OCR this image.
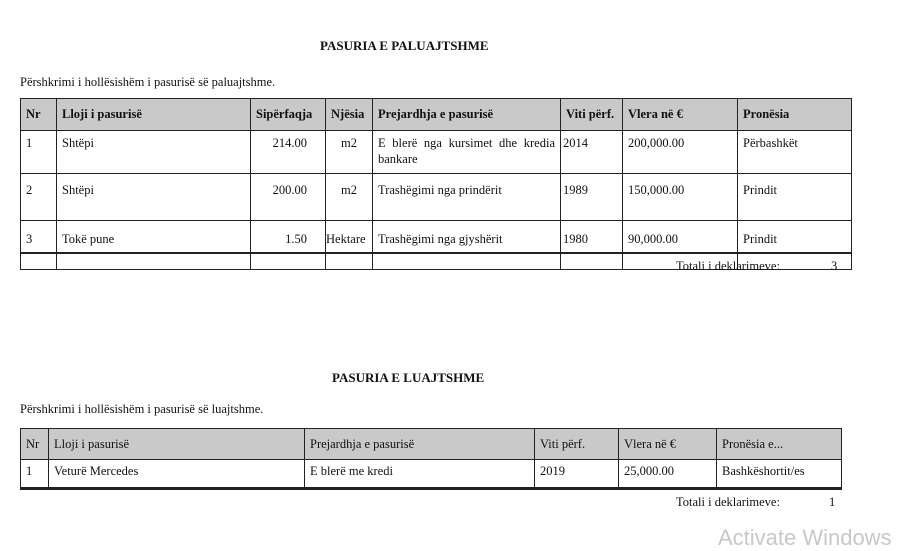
PASURIA E PALUAJTSHME
Përshkrimi i hollësishëm i pasurisë së paluajtshme.
Nr	Lloji i pasurisë	Sipërfaqja	Njësia	Prejardhja e pasurisë	Viti përf.	Vlera në €	Pronësia
1	Shtëpi	214.00	m2	E blerë nga kursimet dhe kredia bankare	2014	200,000.00	Përbashkët
2	Shtëpi	200.00	m2	Trashëgimi nga prindërit	1989	150,000.00	Prindit
3	Tokë pune	1.50	Hektare	Trashëgimi nga gjyshërit	1980	90,000.00	Prindit
Totali i deklarimeve:	3
PASURIA E LUAJTSHME
Përshkrimi i hollësishëm i pasurisë së luajtshme.
Nr	Lloji i pasurisë	Prejardhja e pasurisë	Viti përf.	Vlera në €	Pronësia e...
1	Veturë Mercedes	E blerë me kredi	2019	25,000.00	Bashkëshortit/es
Totali i deklarimeve:	1
Activate Windows
